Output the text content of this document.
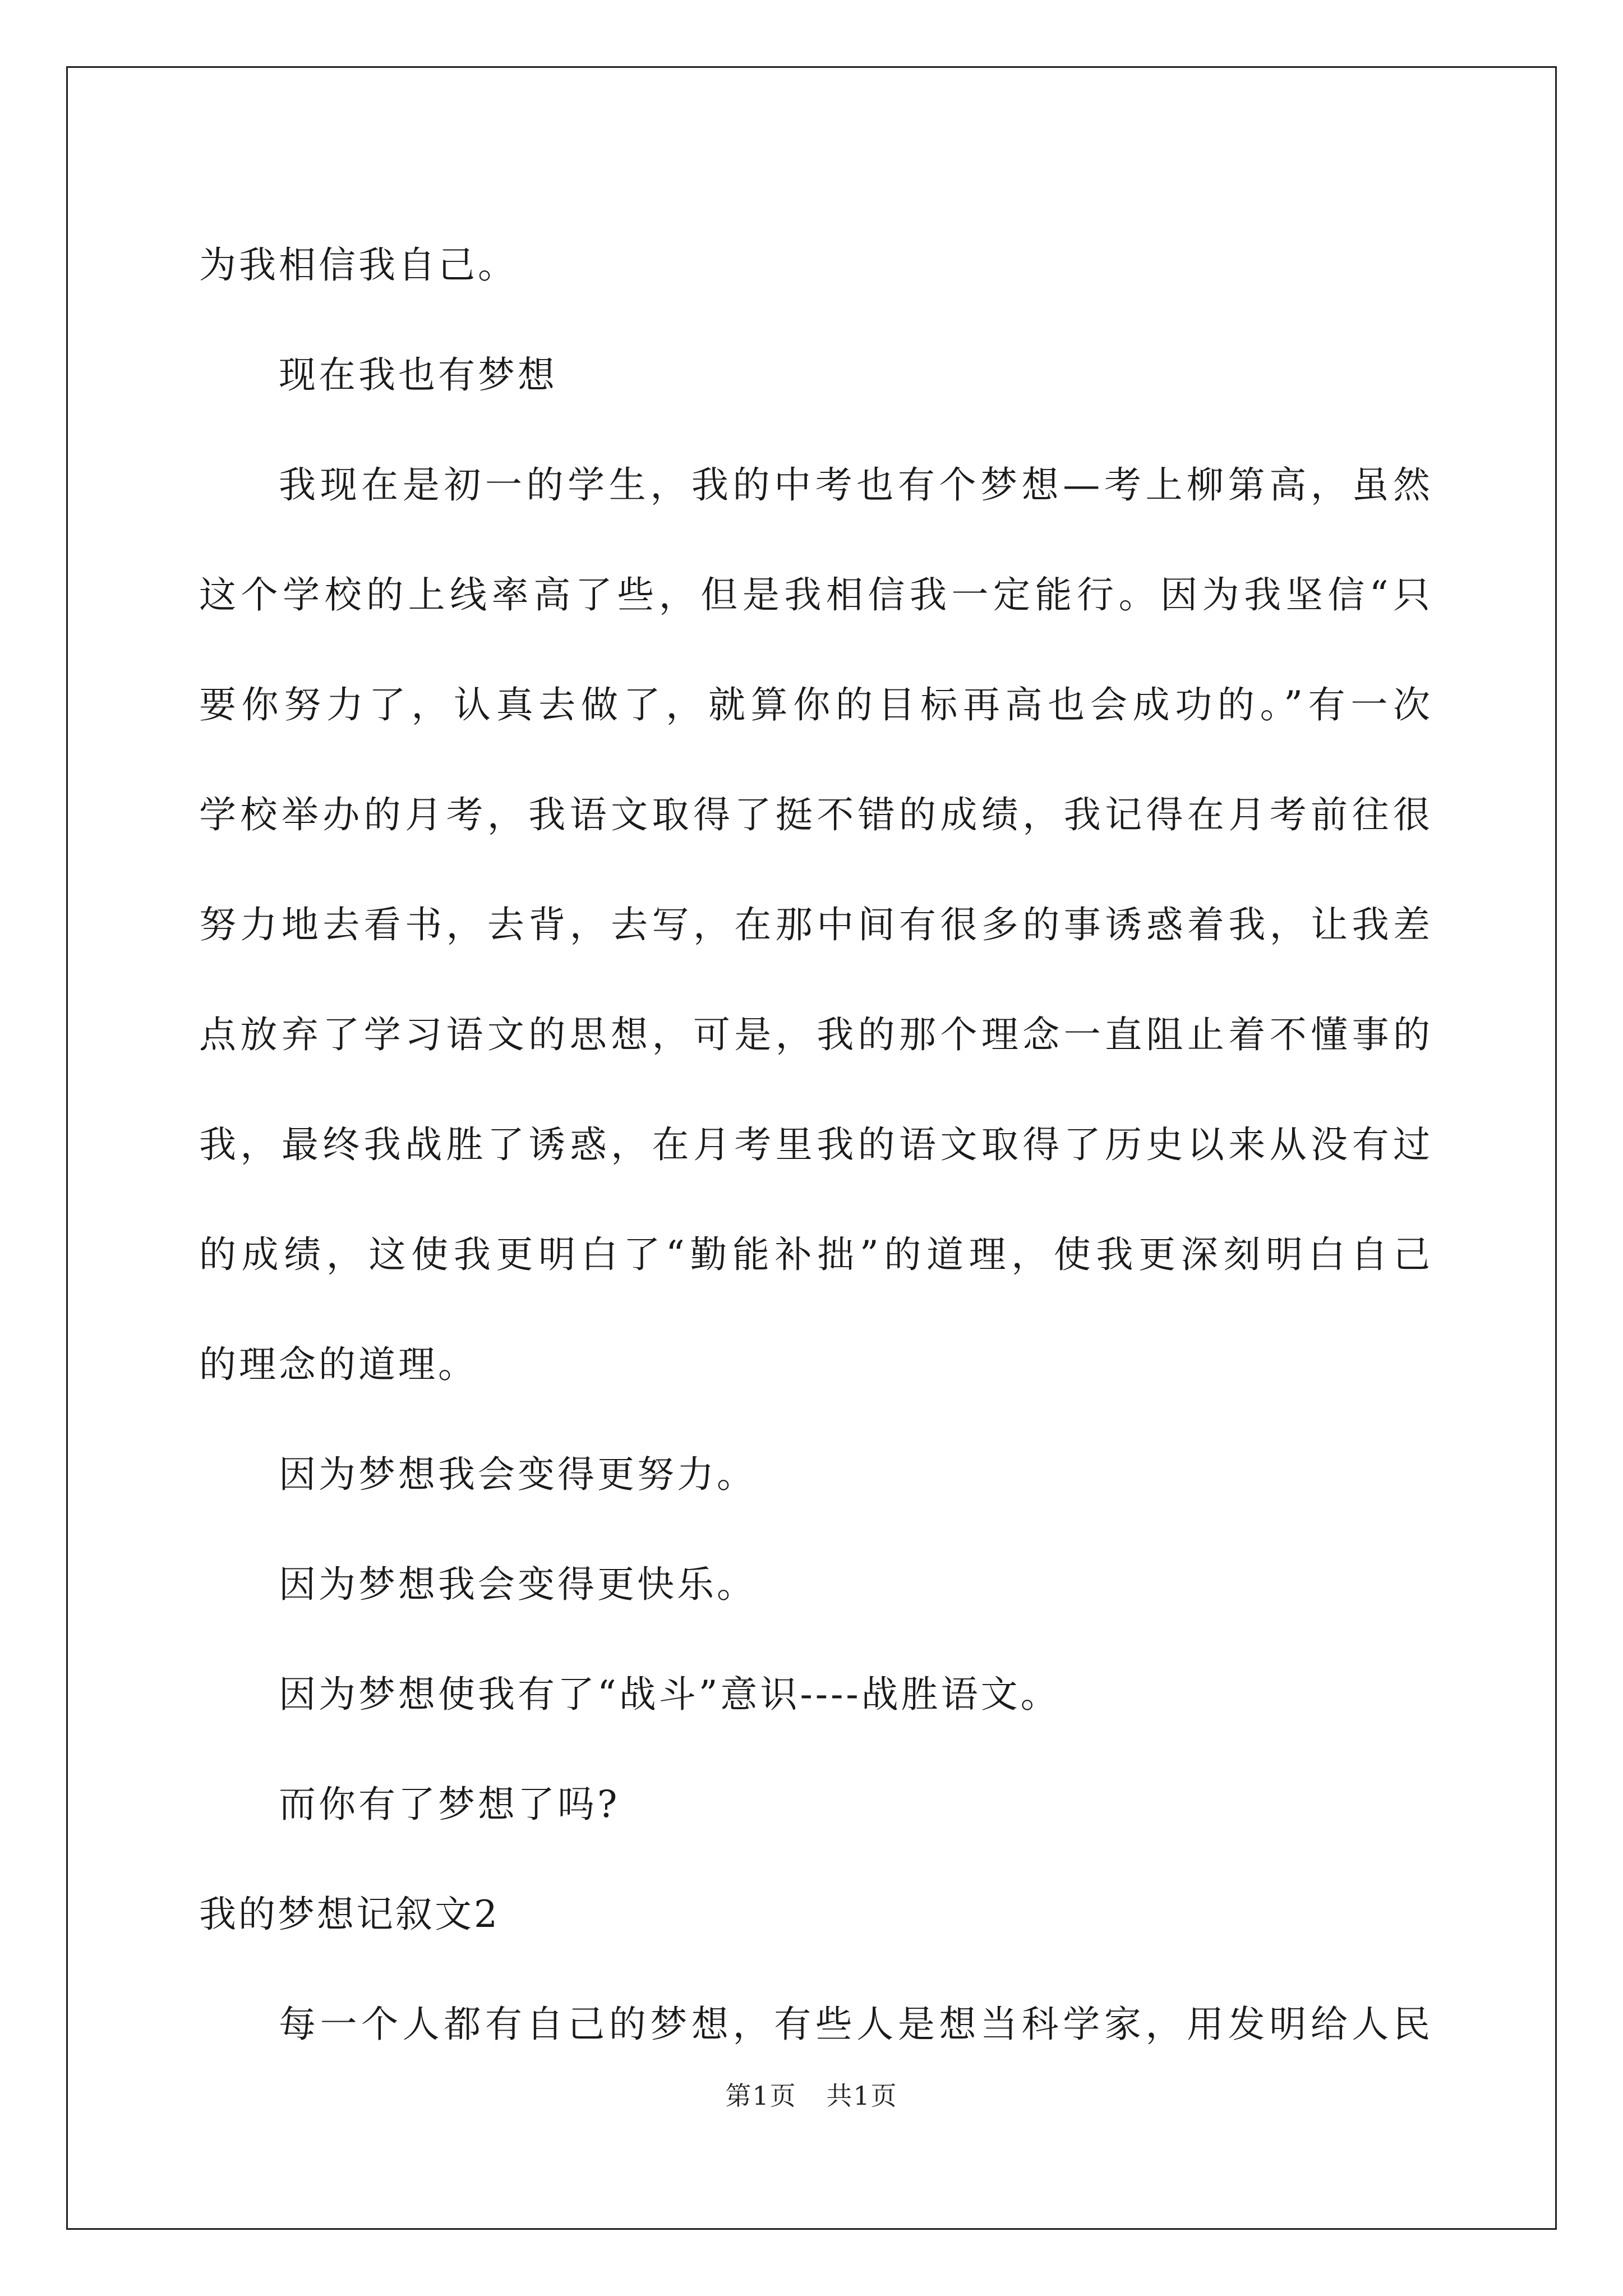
为我相信我自己。
现在我也有梦想
我现在是初一的学生，我的中考也有个梦想—考上柳第高，虽然
这个学校的上线率高了些，但是我相信我一定能行。因为我坚信“只
要你努力了，认真去做了，就算你的目标再高也会成功的。”有一次
学校举办的月考，我语文取得了挺不错的成绩，我记得在月考前往很
努力地去看书，去背，去写，在那中间有很多的事诱惑着我，让我差
点放弃了学习语文的思想，可是，我的那个理念一直阻止着不懂事的
我，最终我战胜了诱惑，在月考里我的语文取得了历史以来从没有过
的成绩，这使我更明白了“勤能补拙”的道理，使我更深刻明白自己
的理念的道理。
因为梦想我会变得更努力。
因为梦想我会变得更快乐。
因为梦想使我有了“战斗”意识----战胜语文。
而你有了梦想了吗?
我的梦想记叙文2
每一个人都有自己的梦想，有些人是想当科学家，用发明给人民
第1页 共1页
